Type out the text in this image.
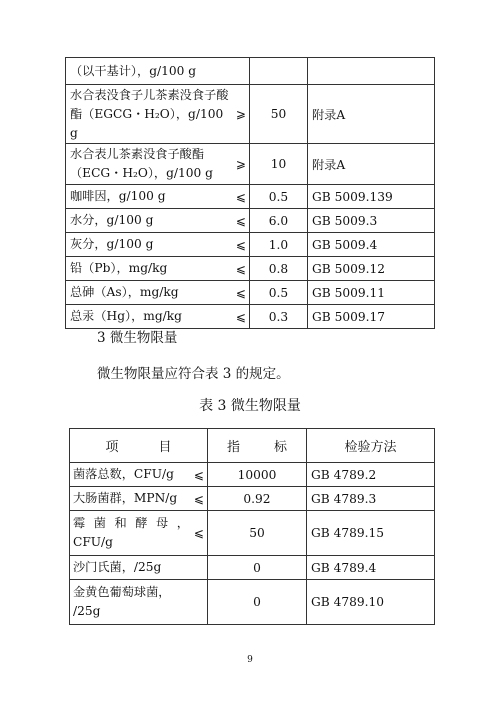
（以干基计），g/100 g			
水合表没食子儿茶素没食子酸酯（EGCG・H₂O），g/100 g	⩾	50	附录A
水合表儿茶素没食子酸酯（ECG・H₂O），g/100 g	⩾	10	附录A
咖啡因，g/100 g	⩽	0.5	GB 5009.139
水分，g/100 g	⩽	6.0	GB 5009.3
灰分，g/100 g	⩽	1.0	GB 5009.4
铅（Pb），mg/kg	⩽	0.8	GB 5009.12
总砷（As），mg/kg	⩽	0.5	GB 5009.11
总汞（Hg），mg/kg	⩽	0.3	GB 5009.17
3 微生物限量
微生物限量应符合表 3 的规定。
表 3 微生物限量
项 目		指 标	检验方法
菌落总数，CFU/g	⩽	10000	GB 4789.2
大肠菌群，MPN/g	⩽	0.92	GB 4789.3

霉 菌 和 酵 母 ，
CFU/g	⩽	50	GB 4789.15
沙门氏菌，/25g		0	GB 4789.4

金黄色葡萄球菌，
/25g		0	GB 4789.10
9
